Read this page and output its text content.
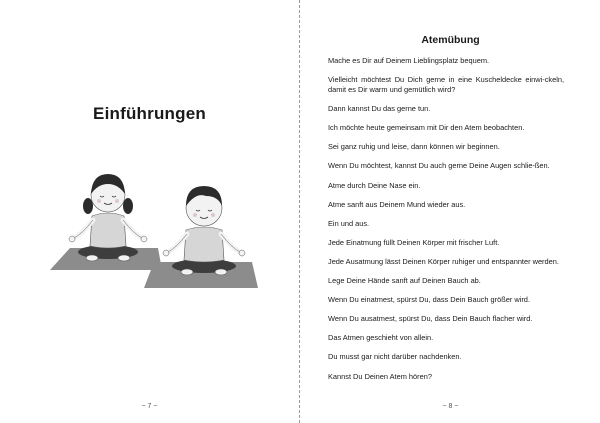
Einführungen
~ 7 ~
Atemübung

Mache es Dir auf Deinem Lieblingsplatz bequem.

Vielleicht möchtest Du Dich gerne in eine Kuscheldecke einwi-ckeln, damit es Dir warm und gemütlich wird?

Dann kannst Du das gerne tun.

Ich möchte heute gemeinsam mit Dir den Atem beobachten.

Sei ganz ruhig und leise, dann können wir beginnen.

Wenn Du möchtest, kannst Du auch gerne Deine Augen schlie-ßen.

Atme durch Deine Nase ein.

Atme sanft aus Deinem Mund wieder aus.

Ein und aus.

Jede Einatmung füllt Deinen Körper mit frischer Luft.

Jede Ausatmung lässt Deinen Körper ruhiger und entspannter werden.

Lege Deine Hände sanft auf Deinen Bauch ab.

Wenn Du einatmest, spürst Du, dass Dein Bauch größer wird.

Wenn Du ausatmest, spürst Du, dass Dein Bauch flacher wird.

Das Atmen geschieht von allein.

Du musst gar nicht darüber nachdenken.

Kannst Du Deinen Atem hören?

~ 8 ~
